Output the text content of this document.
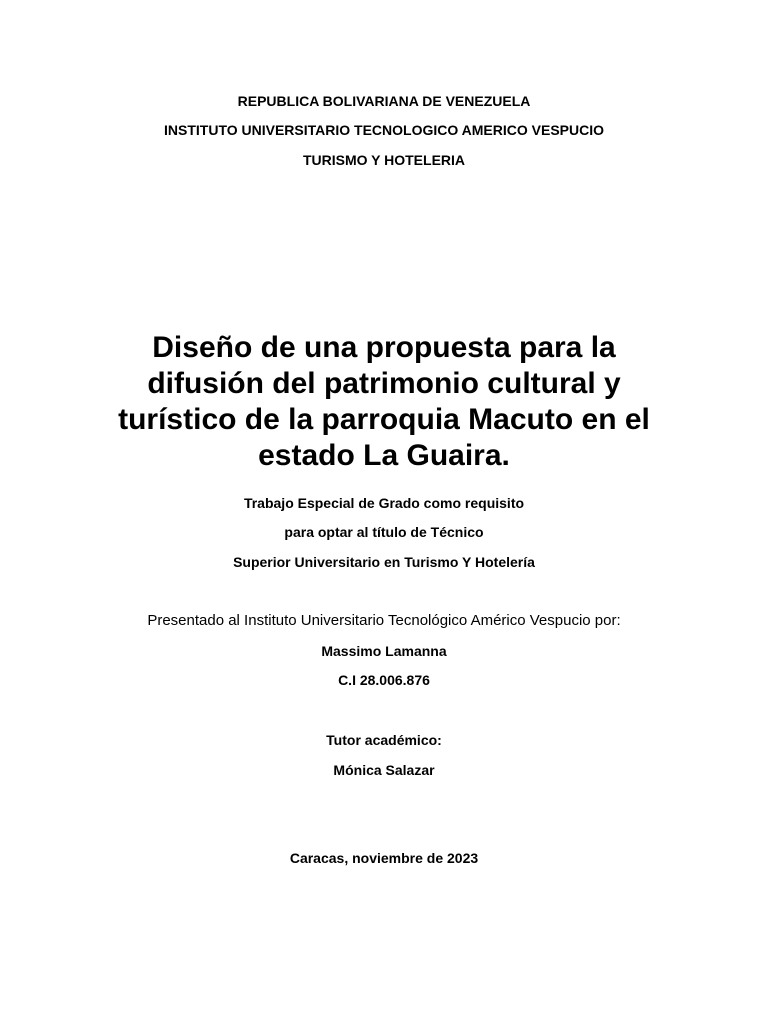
REPUBLICA BOLIVARIANA DE VENEZUELA
INSTITUTO UNIVERSITARIO TECNOLOGICO AMERICO VESPUCIO
TURISMO Y HOTELERIA
Diseño de una propuesta para la
difusión del patrimonio cultural y
turístico de la parroquia Macuto en el
estado La Guaira.
Trabajo Especial de Grado como requisito
para optar al título de Técnico
Superior Universitario en Turismo Y Hotelería
Presentado al Instituto Universitario Tecnológico Américo Vespucio por:
Massimo Lamanna
C.I 28.006.876
Tutor académico:
Mónica Salazar
Caracas, noviembre de 2023
